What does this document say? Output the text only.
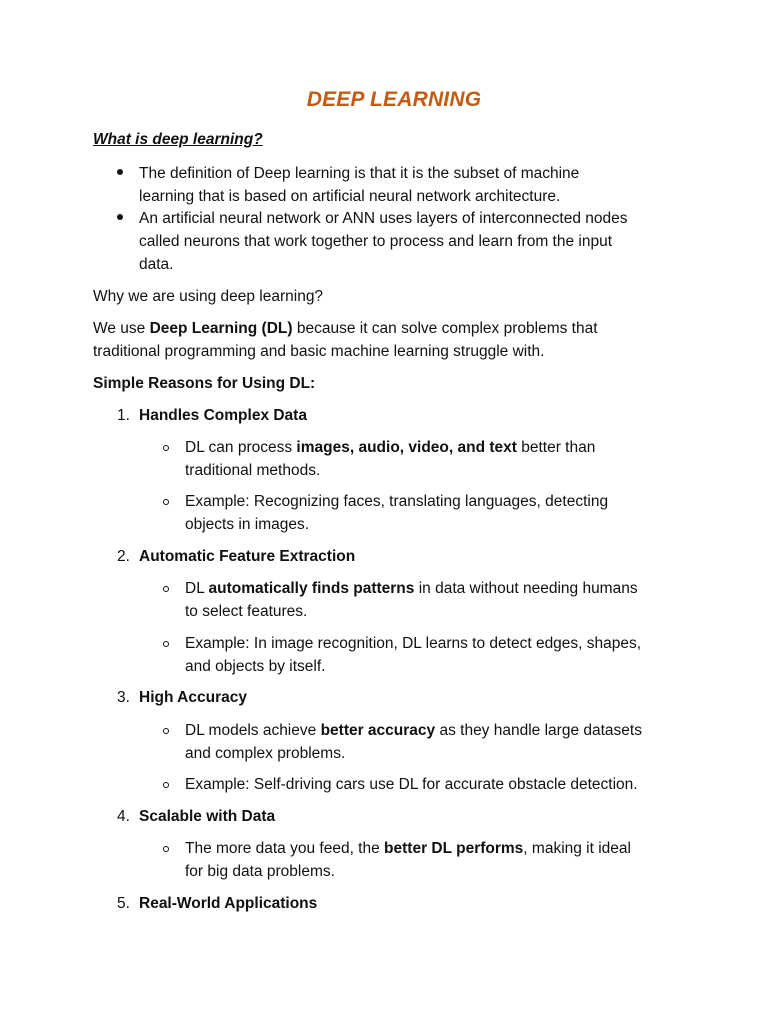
DEEP LEARNING
What is deep learning?
The definition of Deep learning is that it is the subset of machine
learning that is based on artificial neural network architecture.
An artificial neural network or ANN uses layers of interconnected nodes
called neurons that work together to process and learn from the input
data.
Why we are using deep learning?
We use Deep Learning (DL) because it can solve complex problems that
traditional programming and basic machine learning struggle with.
Simple Reasons for Using DL:
1. Handles Complex Data
DL can process images, audio, video, and text better than
traditional methods.
Example: Recognizing faces, translating languages, detecting
objects in images.
2. Automatic Feature Extraction
DL automatically finds patterns in data without needing humans
to select features.
Example: In image recognition, DL learns to detect edges, shapes,
and objects by itself.
3. High Accuracy
DL models achieve better accuracy as they handle large datasets
and complex problems.
Example: Self-driving cars use DL for accurate obstacle detection.
4. Scalable with Data
The more data you feed, the better DL performs, making it ideal
for big data problems.
5. Real-World Applications
